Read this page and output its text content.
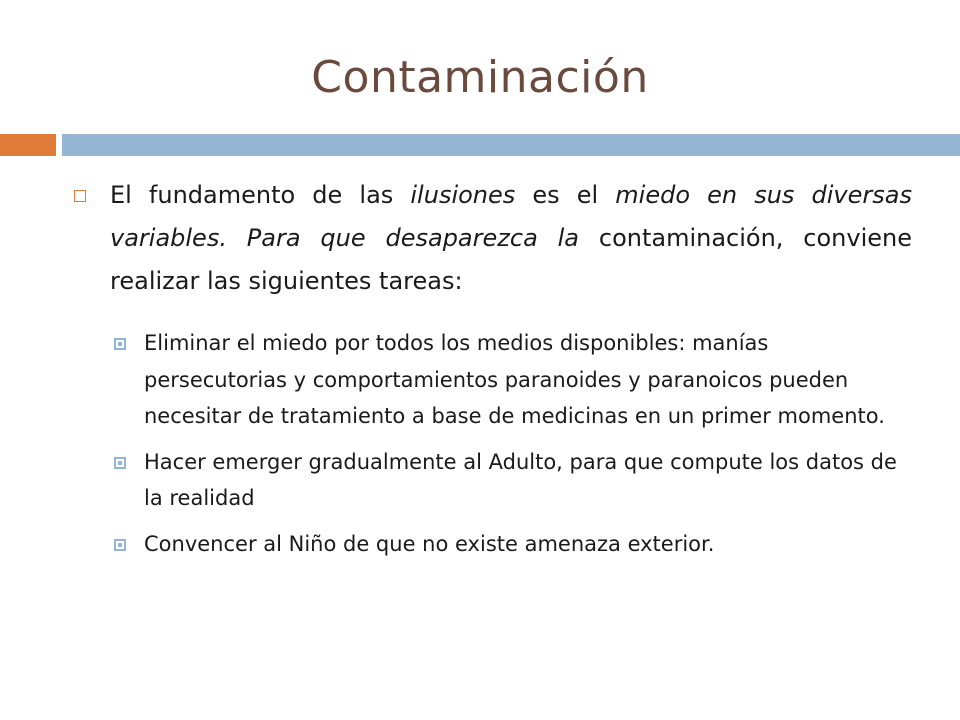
Contaminación

El fundamento de las ilusiones es el miedo en sus diversas variables. Para que desaparezca la contaminación, conviene realizar las siguientes tareas:

Eliminar el miedo por todos los medios disponibles: manías persecutorias y comportamientos paranoides y paranoicos pueden necesitar de tratamiento a base de medicinas en un primer momento.
Hacer emerger gradualmente al Adulto, para que compute los datos de la realidad
Convencer al Niño de que no existe amenaza exterior.
